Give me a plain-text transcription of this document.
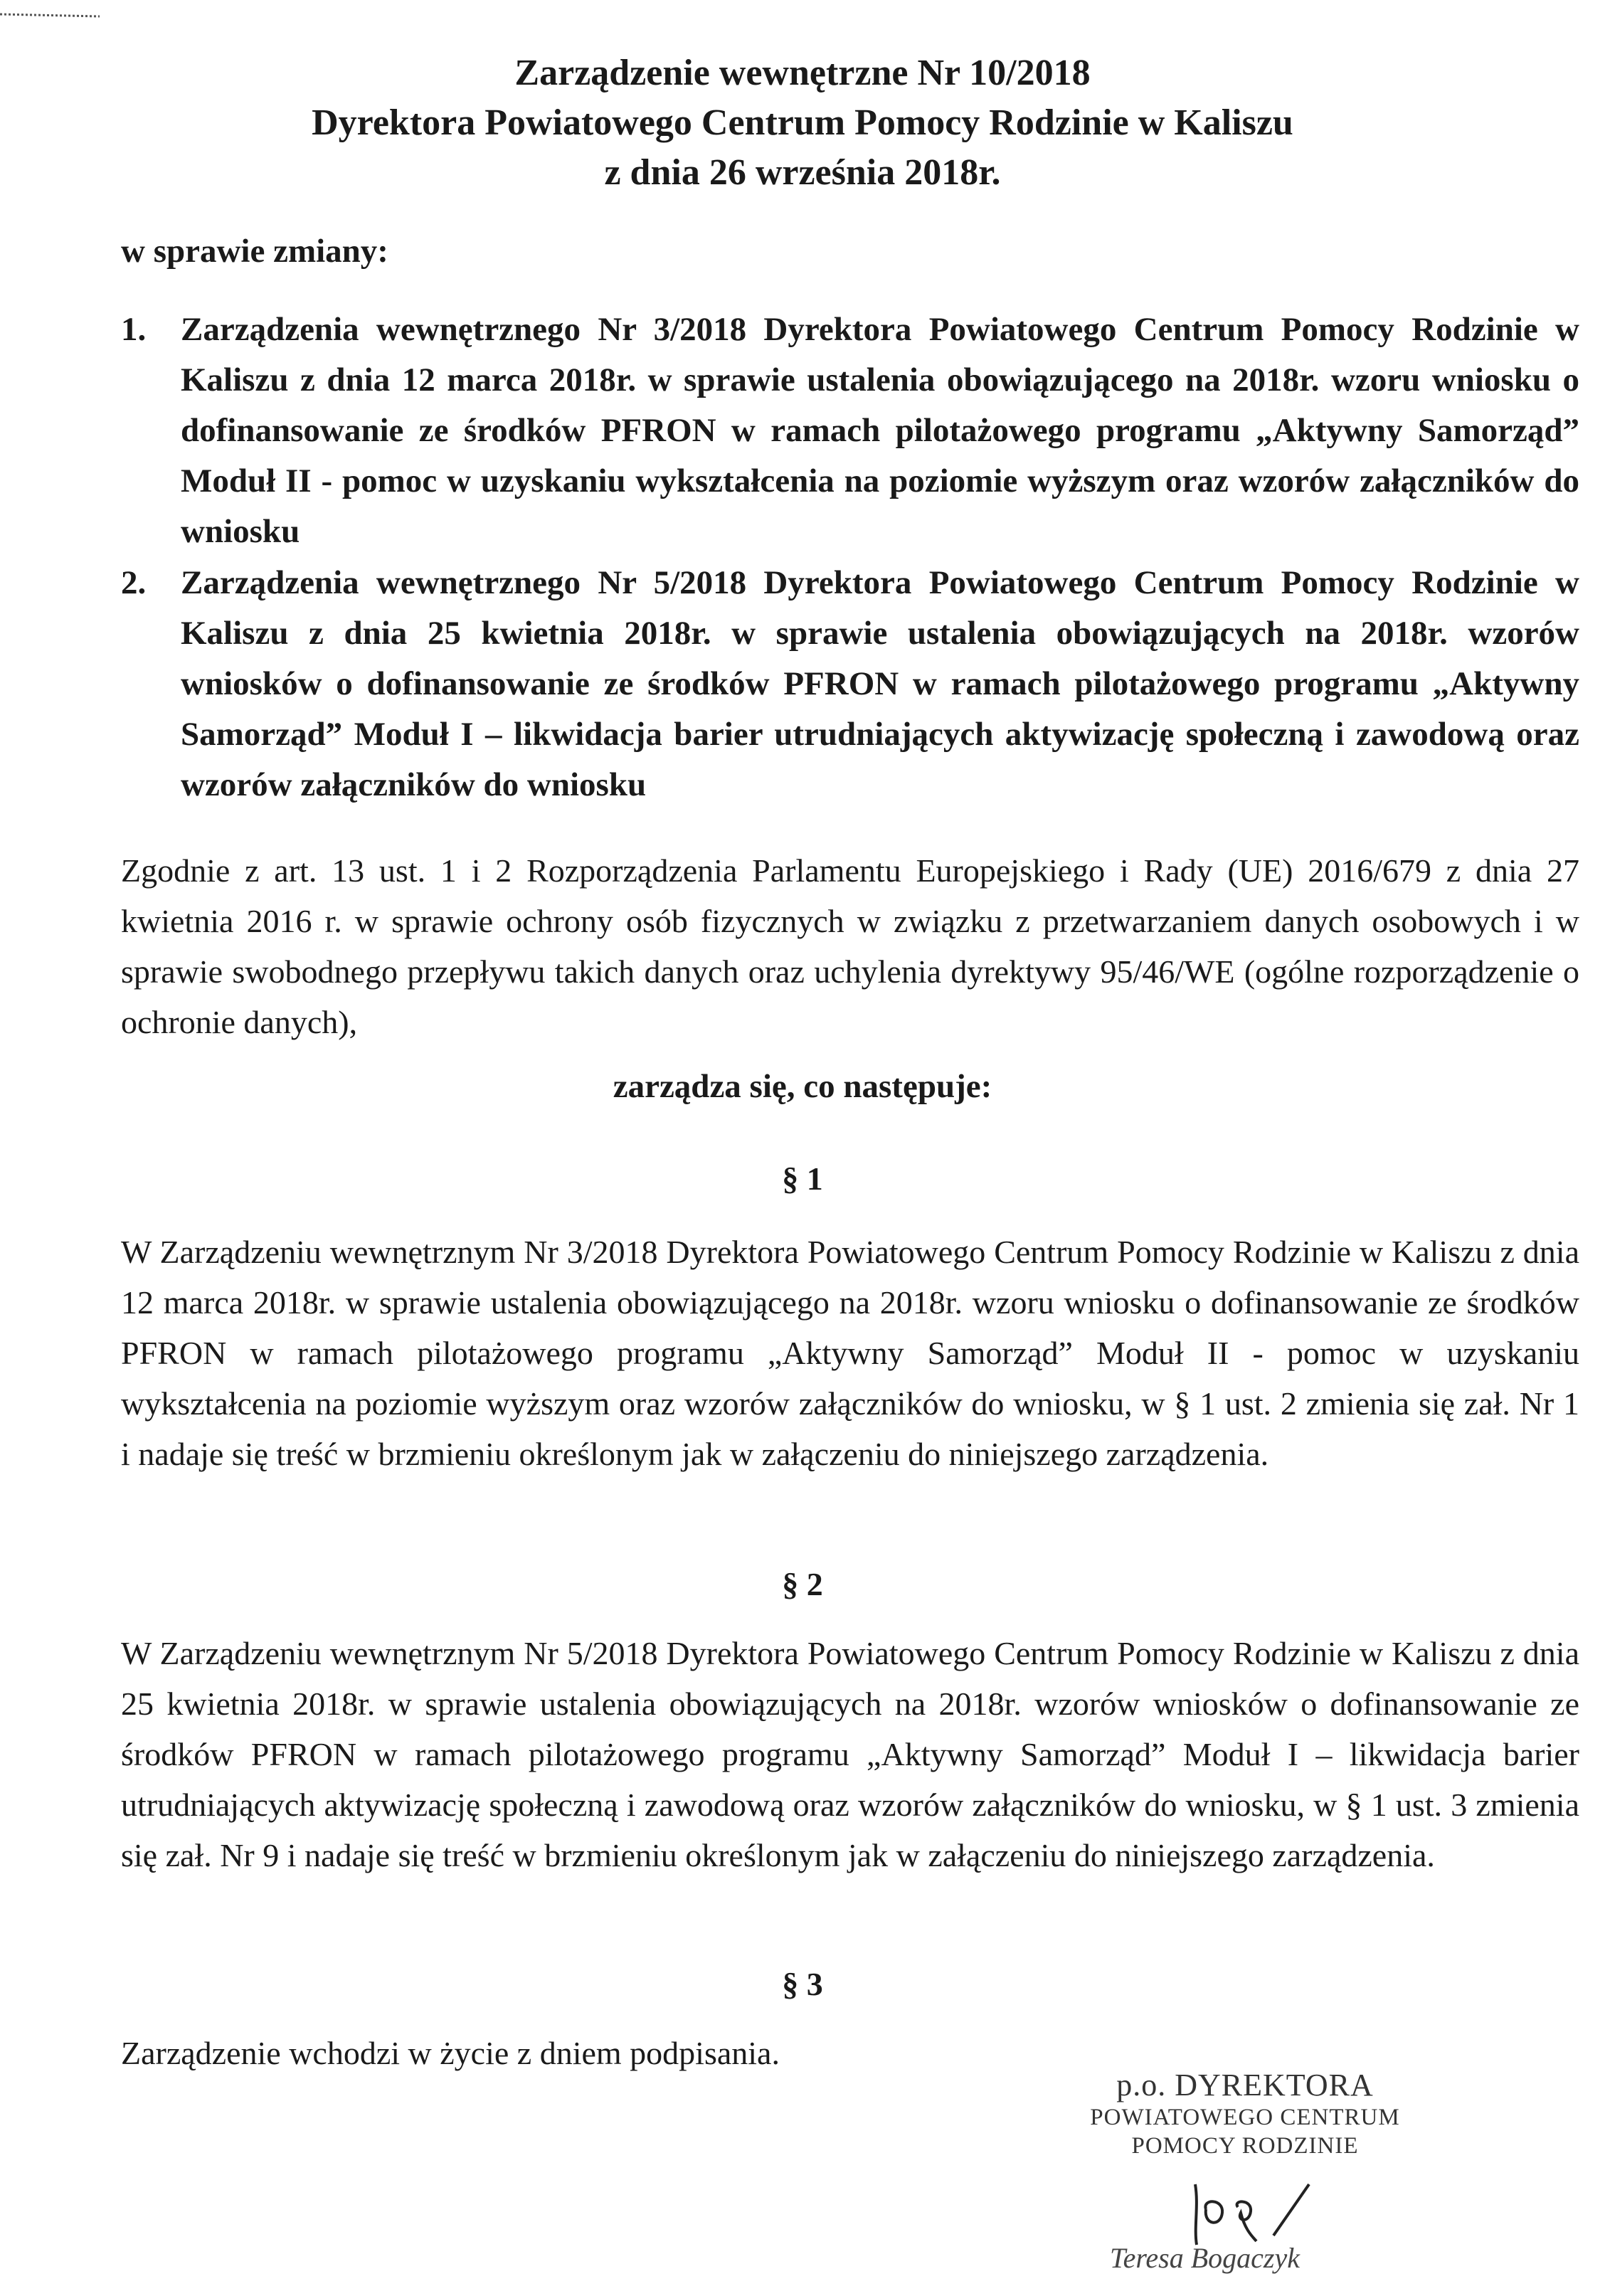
Zarządzenie wewnętrzne Nr 10/2018
Dyrektora Powiatowego Centrum Pomocy Rodzinie w Kaliszu
z dnia 26 września 2018r.
w sprawie zmiany:
1. Zarządzenia wewnętrznego Nr 3/2018 Dyrektora Powiatowego Centrum Pomocy Rodzinie w Kaliszu z dnia 12 marca 2018r. w sprawie ustalenia obowiązującego na 2018r. wzoru wniosku o dofinansowanie ze środków PFRON w ramach pilotażowego programu „Aktywny Samorząd” Moduł II - pomoc w uzyskaniu wykształcenia na poziomie wyższym oraz wzorów załączników do wniosku
2. Zarządzenia wewnętrznego Nr 5/2018 Dyrektora Powiatowego Centrum Pomocy Rodzinie w Kaliszu z dnia 25 kwietnia 2018r. w sprawie ustalenia obowiązujących na 2018r. wzorów wniosków o dofinansowanie ze środków PFRON w ramach pilotażowego programu „Aktywny Samorząd” Moduł I – likwidacja barier utrudniających aktywizację społeczną i zawodową oraz wzorów załączników do wniosku
Zgodnie z art. 13 ust. 1 i 2 Rozporządzenia Parlamentu Europejskiego i Rady (UE) 2016/679 z dnia 27 kwietnia 2016 r. w sprawie ochrony osób fizycznych w związku z przetwarzaniem danych osobowych i w sprawie swobodnego przepływu takich danych oraz uchylenia dyrektywy 95/46/WE (ogólne rozporządzenie o ochronie danych),
zarządza się, co następuje:
§ 1
W Zarządzeniu wewnętrznym Nr 3/2018 Dyrektora Powiatowego Centrum Pomocy Rodzinie w Kaliszu z dnia 12 marca 2018r. w sprawie ustalenia obowiązującego na 2018r. wzoru wniosku o dofinansowanie ze środków PFRON w ramach pilotażowego programu „Aktywny Samorząd” Moduł II - pomoc w uzyskaniu wykształcenia na poziomie wyższym oraz wzorów załączników do wniosku, w § 1 ust. 2 zmienia się zał. Nr 1 i nadaje się treść w brzmieniu określonym jak w załączeniu do niniejszego zarządzenia.
§ 2
W Zarządzeniu wewnętrznym Nr 5/2018 Dyrektora Powiatowego Centrum Pomocy Rodzinie w Kaliszu z dnia 25 kwietnia 2018r. w sprawie ustalenia obowiązujących na 2018r. wzorów wniosków o dofinansowanie ze środków PFRON w ramach pilotażowego programu „Aktywny Samorząd” Moduł I – likwidacja barier utrudniających aktywizację społeczną i zawodową oraz wzorów załączników do wniosku, w § 1 ust. 3 zmienia się zał. Nr 9 i nadaje się treść w brzmieniu określonym jak w załączeniu do niniejszego zarządzenia.
§ 3
Zarządzenie wchodzi w życie z dniem podpisania.
p.o. DYREKTORA
POWIATOWEGO CENTRUM
POMOCY RODZINIE
Teresa Bogaczyk
